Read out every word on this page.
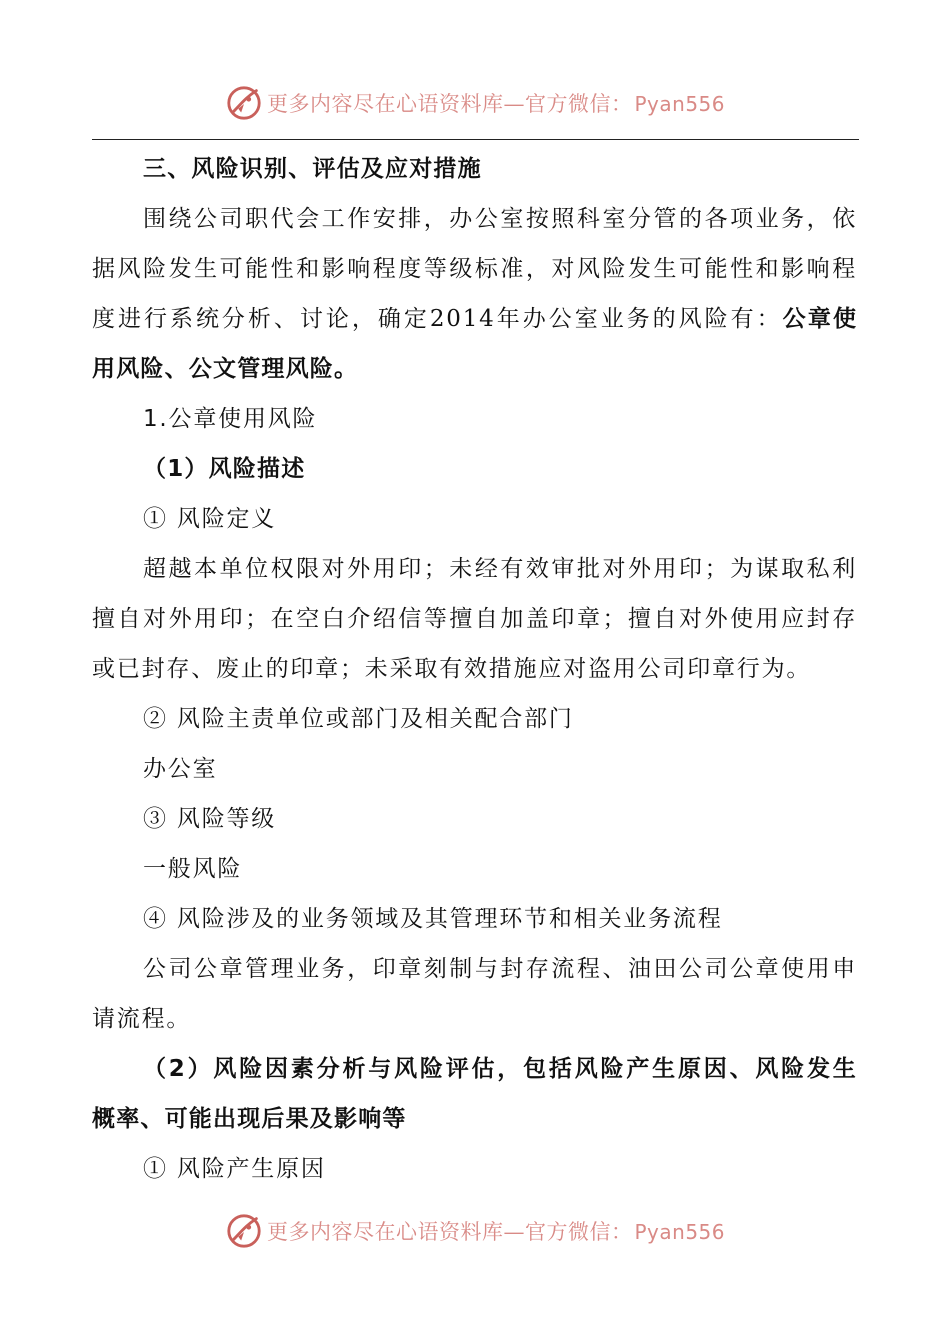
更多内容尽在心语资料库—官方微信： Pyan556
三、风险识别、评估及应对措施
围绕公司职代会工作安排，办公室按照科室分管的各项业务，依
据风险发生可能性和影响程度等级标准，对风险发生可能性和影响程
度进行系统分析、讨论，确定2014年办公室业务的风险有：公章使
用风险、公文管理风险。
1.公章使用风险
（1）风险描述
① 风险定义
超越本单位权限对外用印；未经有效审批对外用印；为谋取私利
擅自对外用印；在空白介绍信等擅自加盖印章；擅自对外使用应封存
或已封存、废止的印章；未采取有效措施应对盗用公司印章行为。
② 风险主责单位或部门及相关配合部门
办公室
③ 风险等级
一般风险
④ 风险涉及的业务领域及其管理环节和相关业务流程
公司公章管理业务，印章刻制与封存流程、油田公司公章使用申
请流程。
（2）风险因素分析与风险评估，包括风险产生原因、风险发生
概率、可能出现后果及影响等
① 风险产生原因
更多内容尽在心语资料库—官方微信： Pyan556
